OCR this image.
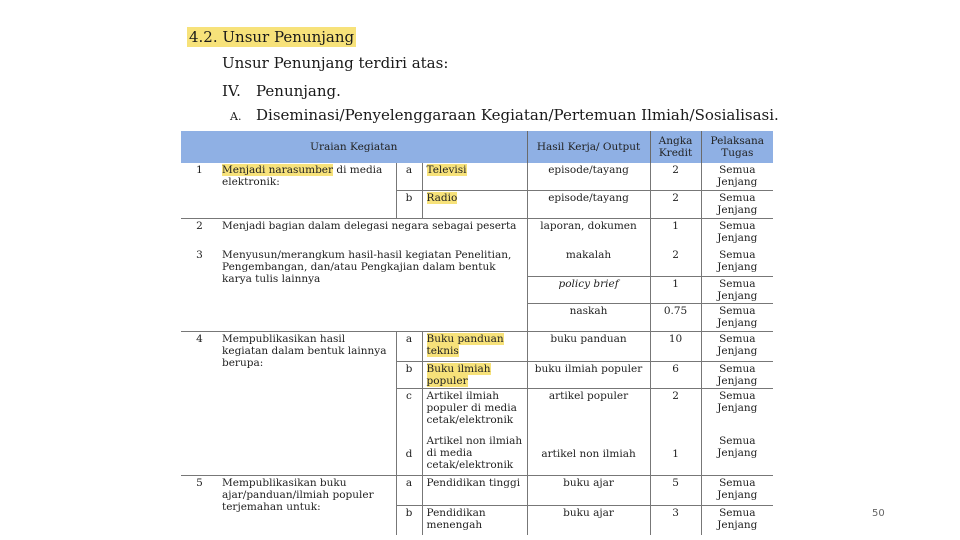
4.2. Unsur Penunjang
Unsur Penunjang terdiri atas:
IV. Penunjang.
A. Diseminasi/Penyelenggaraan Kegiatan/Pertemuan Ilmiah/Sosialisasi.
Uraian Kegiatan				Hasil Kerja/ Output	Angka Kredit	Pelaksana Tugas
1	Menjadi narasumber di media elektronik:	a	Televisi	episode/tayang	2	Semua Jenjang
		b	Radio	episode/tayang	2	Semua Jenjang
2	Menjadi bagian dalam delegasi negara sebagai peserta			laporan, dokumen	1	Semua Jenjang
3	Menyusun/merangkum hasil-hasil kegiatan Penelitian, Pengembangan, dan/atau Pengkajian dalam bentuk karya tulis lainnya			makalah	2	Semua Jenjang
				policy brief	1	Semua Jenjang
				naskah	0.75	Semua Jenjang
4	Mempublikasikan hasil kegiatan dalam bentuk lainnya berupa:	a	Buku panduan teknis	buku panduan	10	Semua Jenjang
		b	Buku ilmiah populer	buku ilmiah populer	6	Semua Jenjang
		c	Artikel ilmiah populer di media cetak/elektronik	artikel populer	2	Semua Jenjang
		d	Artikel non ilmiah di media cetak/elektronik	artikel non ilmiah	1	Semua Jenjang
5	Mempublikasikan buku ajar/panduan/ilmiah populer terjemahan untuk:	a	Pendidikan tinggi	buku ajar	5	Semua Jenjang
		b	Pendidikan menengah	buku ajar	3	Semua Jenjang
50
